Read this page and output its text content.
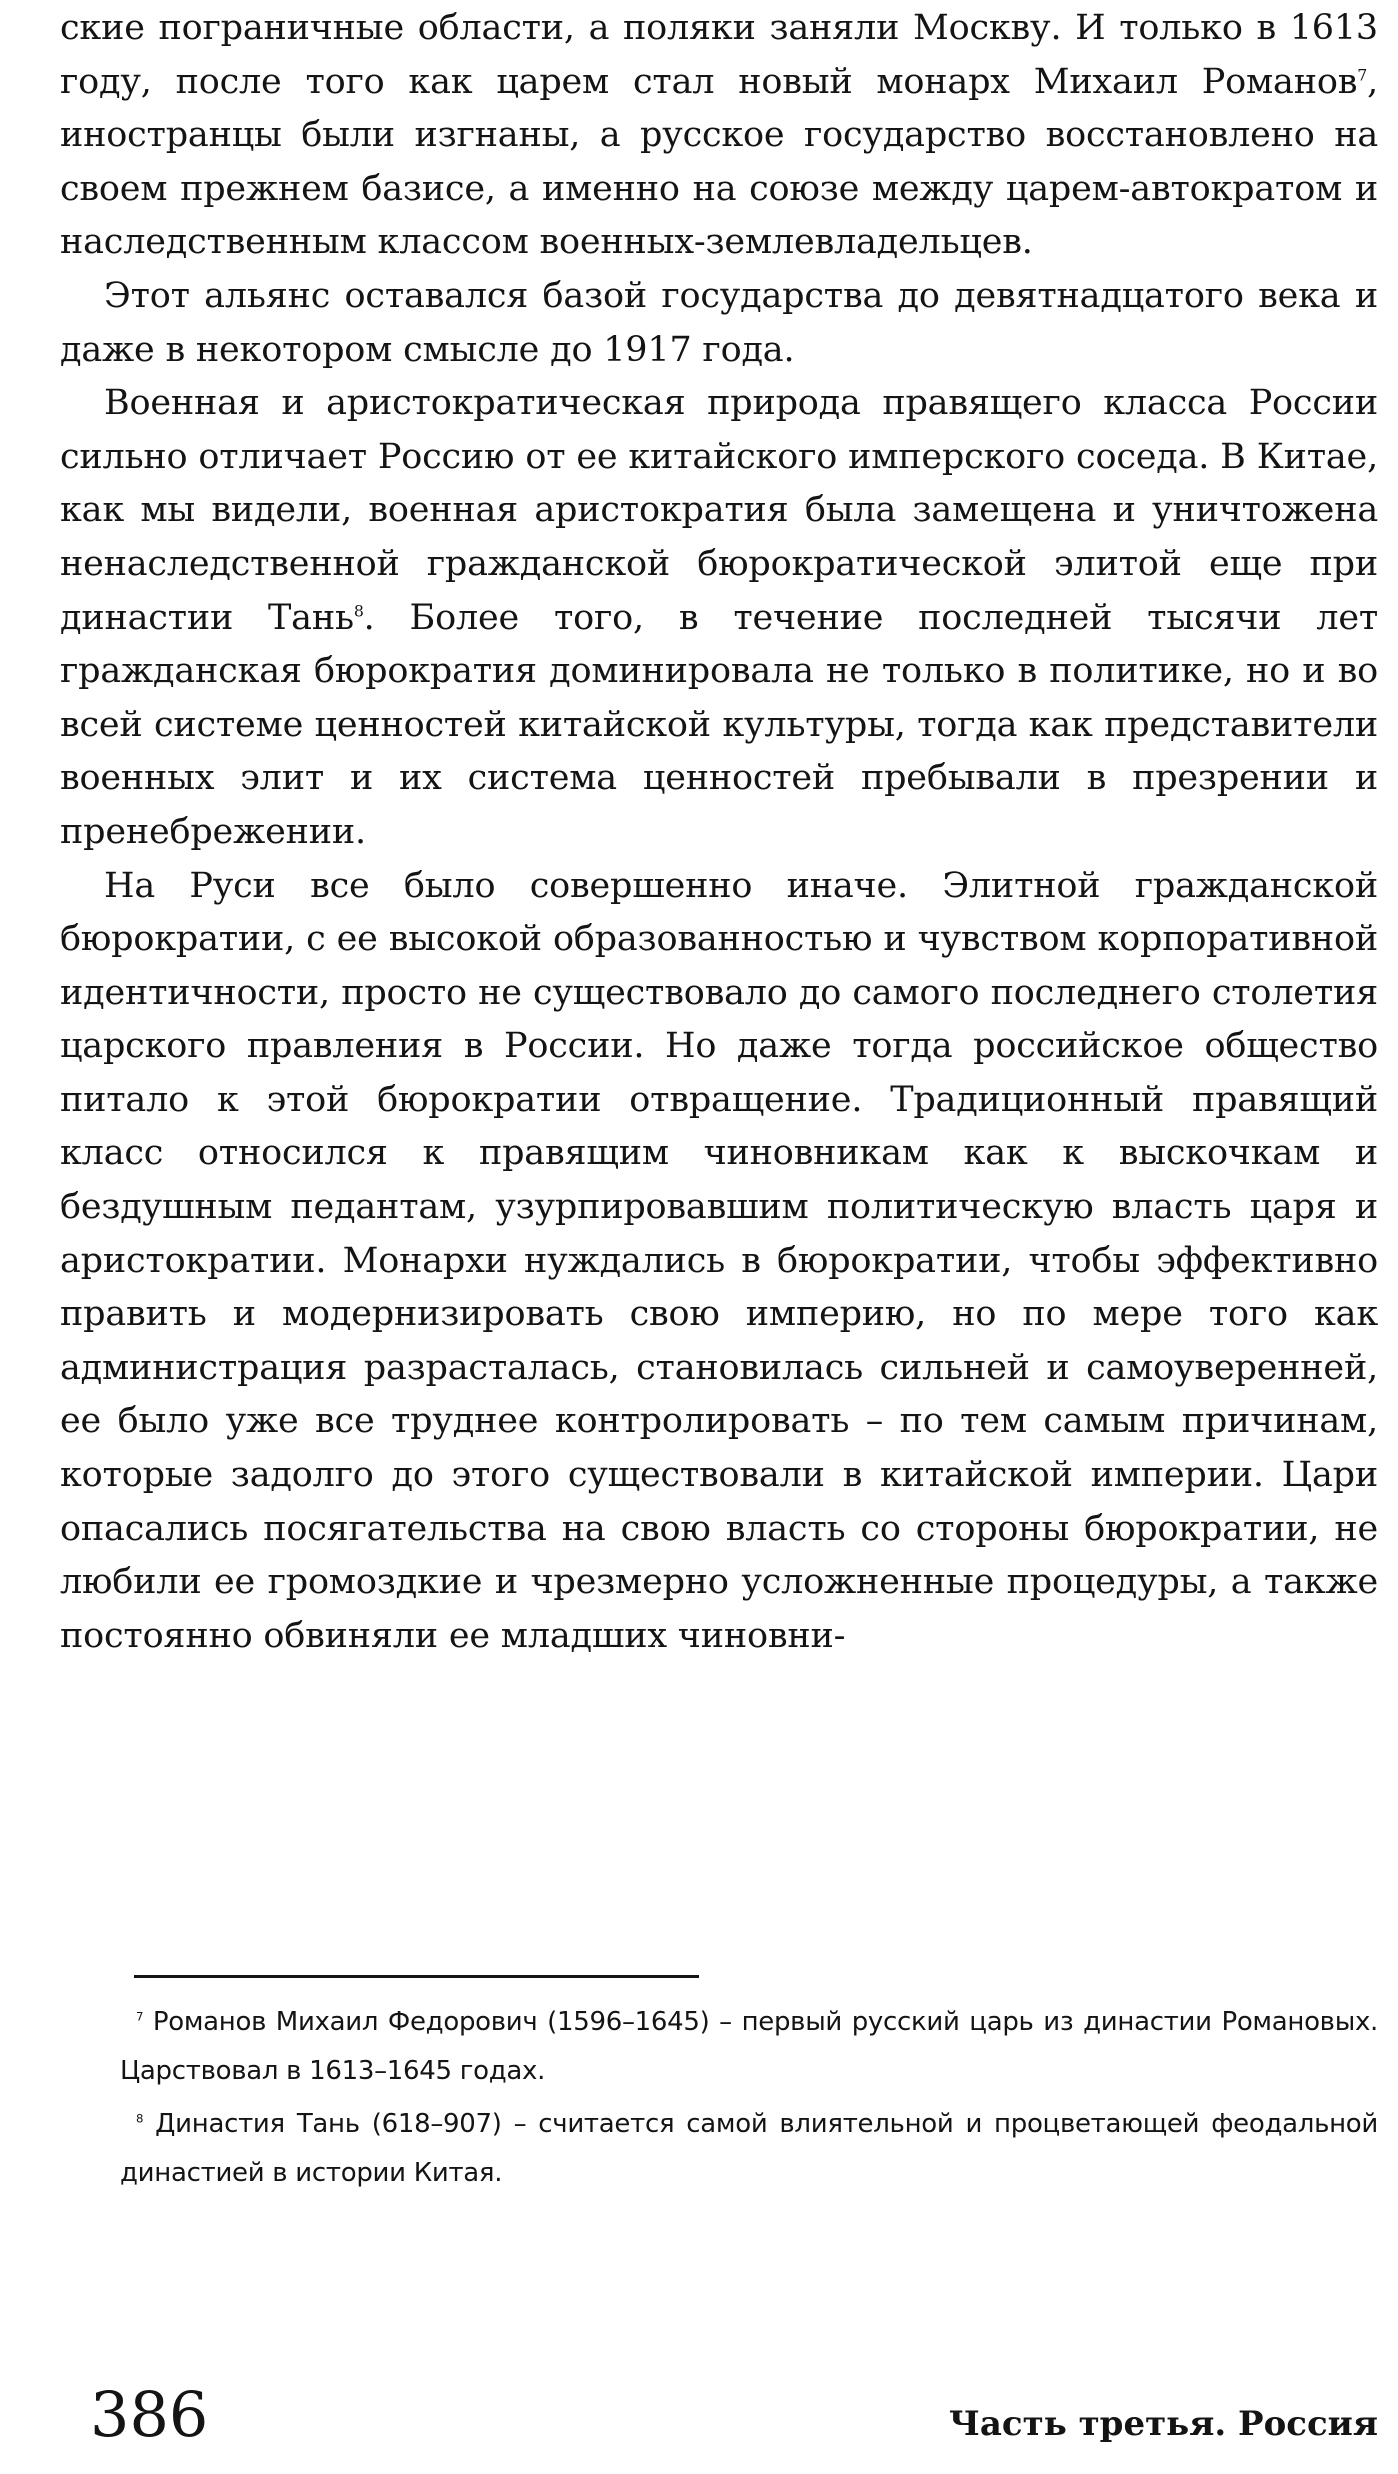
ские пограничные области, а поляки заняли Москву. И только в 1613 году, после того как царем стал новый монарх Михаил Романов$^7$, иностранцы были изгнаны, а русское государство восстановлено на своем прежнем базисе, а именно на союзе между царем-автократом и наследственным классом военных-землевладельцев.

Этот альянс оставался базой государства до девятнадцатого века и даже в некотором смысле до 1917 года.

Военная и аристократическая природа правящего класса России сильно отличает Россию от ее китайского имперского соседа. В Китае, как мы видели, военная аристократия была замещена и уничтожена ненаследственной гражданской бюрократической элитой еще при династии Тань$^8$. Более того, в течение последней тысячи лет гражданская бюрократия доминировала не только в политике, но и во всей системе ценностей китайской культуры, тогда как представители военных элит и их система ценностей пребывали в презрении и пренебрежении.

На Руси все было совершенно иначе. Элитной гражданской бюрократии, с ее высокой образованностью и чувством корпоративной идентичности, просто не существовало до самого последнего столетия царского правления в России. Но даже тогда российское общество питало к этой бюрократии отвращение. Традиционный правящий класс относился к правящим чиновникам как к выскочкам и бездушным педантам, узурпировавшим политическую власть царя и аристократии. Монархи нуждались в бюрократии, чтобы эффективно править и модернизировать свою империю, но по мере того как администрация разрасталась, становилась сильней и самоуверенней, ее было уже все труднее контролировать – по тем самым причинам, которые задолго до этого существовали в китайской империи. Цари опасались посягательства на свою власть со стороны бюрократии, не любили ее громоздкие и чрезмерно усложненные процедуры, а также постоянно обвиняли ее младших чиновни-

$^7$ Романов Михаил Федорович (1596–1645) – первый русский царь из династии Романовых. Царствовал в 1613–1645 годах.

$^8$ Династия Тань (618–907) – считается самой влиятельной и процветающей феодальной династией в истории Китая.

386	Часть третья. Россия
